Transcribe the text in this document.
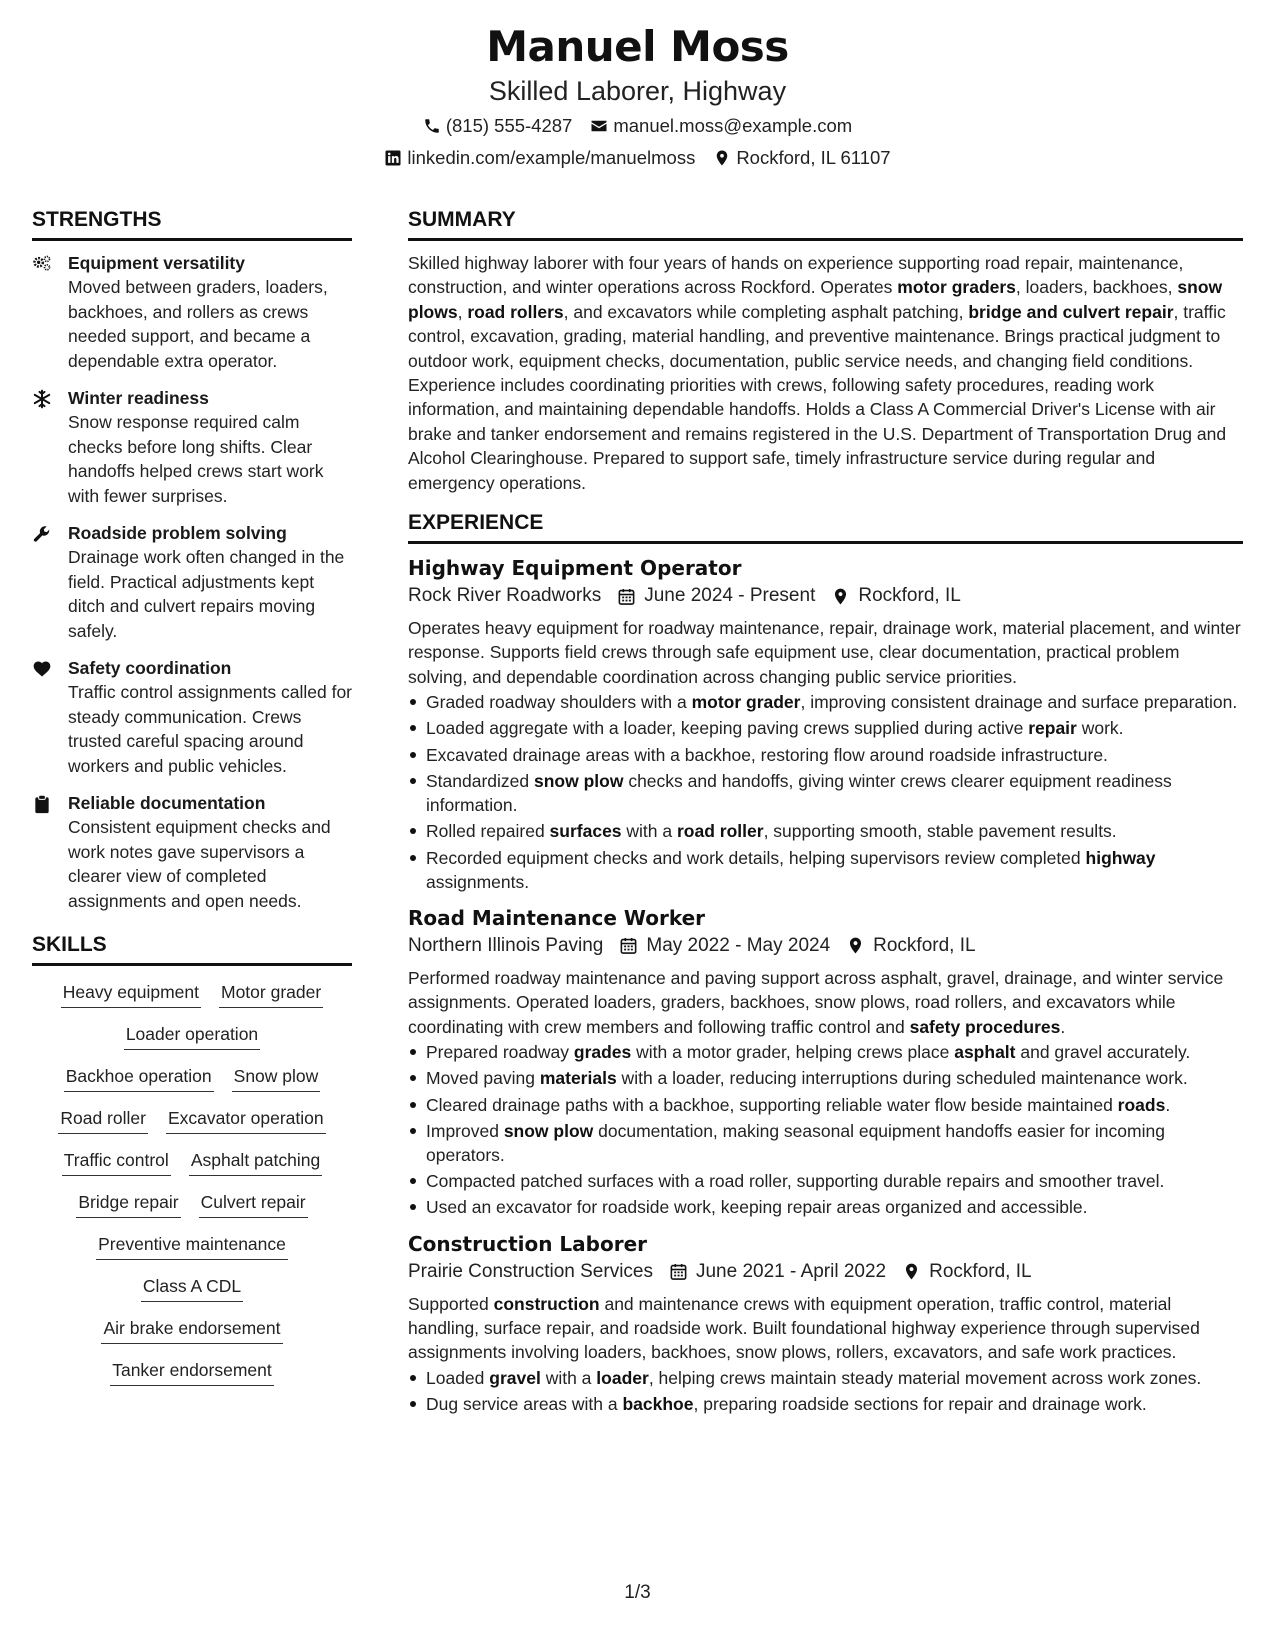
Manuel Moss
Skilled Laborer, Highway
(815) 555-4287 manuel.moss@example.com
linkedin.com/example/manuelmoss Rockford, IL 61107
STRENGTHS
Equipment versatility
Moved between graders, loaders, backhoes, and rollers as crews needed support, and became a dependable extra operator.
Winter readiness
Snow response required calm checks before long shifts. Clear handoffs helped crews start work with fewer surprises.
Roadside problem solving
Drainage work often changed in the field. Practical adjustments kept ditch and culvert repairs moving safely.
Safety coordination
Traffic control assignments called for steady communication. Crews trusted careful spacing around workers and public vehicles.
Reliable documentation
Consistent equipment checks and work notes gave supervisors a clearer view of completed assignments and open needs.
SKILLS
Heavy equipment Motor grader
Loader operation
Backhoe operation Snow plow
Road roller Excavator operation
Traffic control Asphalt patching
Bridge repair Culvert repair
Preventive maintenance
Class A CDL
Air brake endorsement
Tanker endorsement
SUMMARY
Skilled highway laborer with four years of hands on experience supporting road repair, maintenance, construction, and winter operations across Rockford. Operates motor graders, loaders, backhoes, snow plows, road rollers, and excavators while completing asphalt patching, bridge and culvert repair, traffic control, excavation, grading, material handling, and preventive maintenance. Brings practical judgment to outdoor work, equipment checks, documentation, public service needs, and changing field conditions. Experience includes coordinating priorities with crews, following safety procedures, reading work information, and maintaining dependable handoffs. Holds a Class A Commercial Driver's License with air brake and tanker endorsement and remains registered in the U.S. Department of Transportation Drug and Alcohol Clearinghouse. Prepared to support safe, timely infrastructure service during regular and emergency operations.
EXPERIENCE
Highway Equipment Operator
Rock River Roadworks June 2024 - Present Rockford, IL
Operates heavy equipment for roadway maintenance, repair, drainage work, material placement, and winter response. Supports field crews through safe equipment use, clear documentation, practical problem solving, and dependable coordination across changing public service priorities.
Graded roadway shoulders with a motor grader, improving consistent drainage and surface preparation.
Loaded aggregate with a loader, keeping paving crews supplied during active repair work.
Excavated drainage areas with a backhoe, restoring flow around roadside infrastructure.
Standardized snow plow checks and handoffs, giving winter crews clearer equipment readiness information.
Rolled repaired surfaces with a road roller, supporting smooth, stable pavement results.
Recorded equipment checks and work details, helping supervisors review completed highway assignments.
Road Maintenance Worker
Northern Illinois Paving May 2022 - May 2024 Rockford, IL
Performed roadway maintenance and paving support across asphalt, gravel, drainage, and winter service assignments. Operated loaders, graders, backhoes, snow plows, road rollers, and excavators while coordinating with crew members and following traffic control and safety procedures.
Prepared roadway grades with a motor grader, helping crews place asphalt and gravel accurately.
Moved paving materials with a loader, reducing interruptions during scheduled maintenance work.
Cleared drainage paths with a backhoe, supporting reliable water flow beside maintained roads.
Improved snow plow documentation, making seasonal equipment handoffs easier for incoming operators.
Compacted patched surfaces with a road roller, supporting durable repairs and smoother travel.
Used an excavator for roadside work, keeping repair areas organized and accessible.
Construction Laborer
Prairie Construction Services June 2021 - April 2022 Rockford, IL
Supported construction and maintenance crews with equipment operation, traffic control, material handling, surface repair, and roadside work. Built foundational highway experience through supervised assignments involving loaders, backhoes, snow plows, rollers, excavators, and safe work practices.
Loaded gravel with a loader, helping crews maintain steady material movement across work zones.
Dug service areas with a backhoe, preparing roadside sections for repair and drainage work.
1/3
